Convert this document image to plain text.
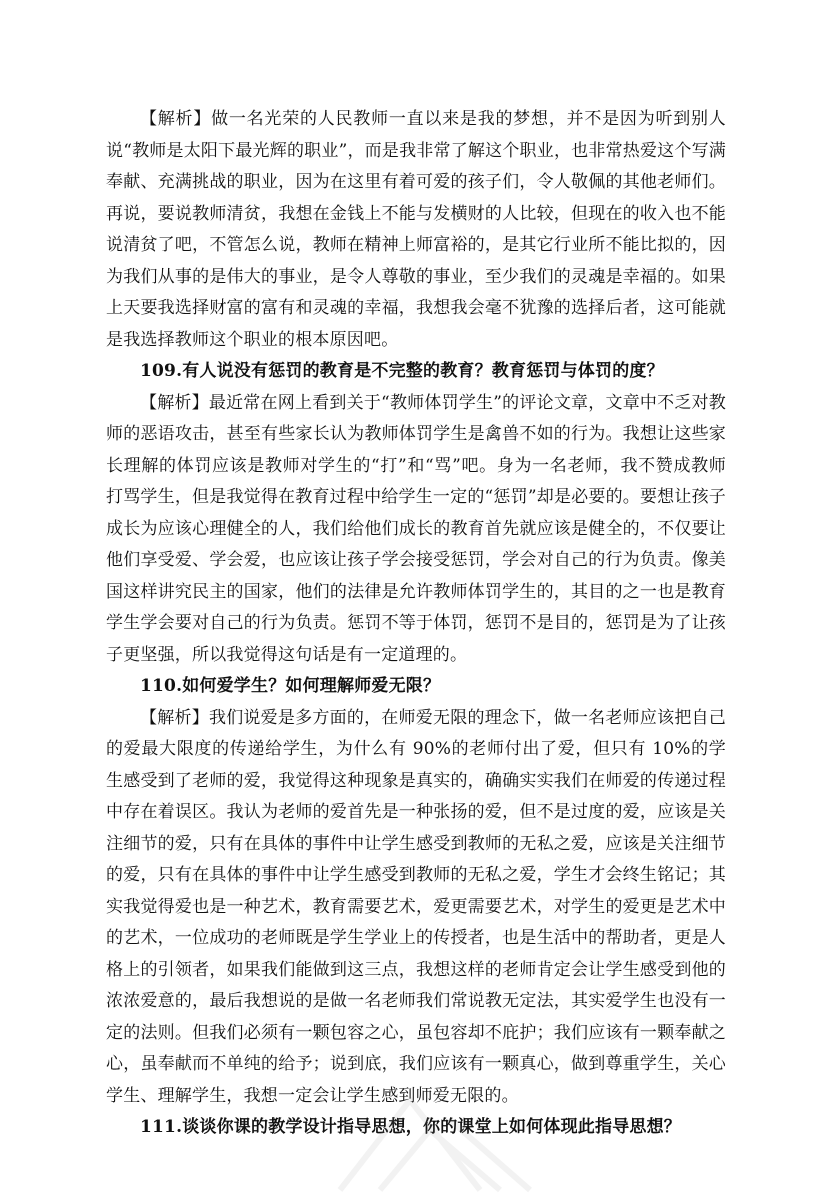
【解析】做一名光荣的人民教师一直以来是我的梦想，并不是因为听到别人说“教师是太阳下最光辉的职业”，而是我非常了解这个职业，也非常热爱这个写满奉献、充满挑战的职业，因为在这里有着可爱的孩子们，令人敬佩的其他老师们。再说，要说教师清贫，我想在金钱上不能与发横财的人比较，但现在的收入也不能说清贫了吧，不管怎么说，教师在精神上师富裕的，是其它行业所不能比拟的，因为我们从事的是伟大的事业，是令人尊敬的事业，至少我们的灵魂是幸福的。如果上天要我选择财富的富有和灵魂的幸福，我想我会毫不犹豫的选择后者，这可能就是我选择教师这个职业的根本原因吧。

109.有人说没有惩罚的教育是不完整的教育？教育惩罚与体罚的度？

【解析】最近常在网上看到关于“教师体罚学生”的评论文章，文章中不乏对教师的恶语攻击，甚至有些家长认为教师体罚学生是禽兽不如的行为。我想让这些家长理解的体罚应该是教师对学生的“打”和“骂”吧。身为一名老师，我不赞成教师打骂学生，但是我觉得在教育过程中给学生一定的“惩罚”却是必要的。要想让孩子成长为应该心理健全的人，我们给他们成长的教育首先就应该是健全的，不仅要让他们享受爱、学会爱，也应该让孩子学会接受惩罚，学会对自己的行为负责。像美国这样讲究民主的国家，他们的法律是允许教师体罚学生的，其目的之一也是教育学生学会要对自己的行为负责。惩罚不等于体罚，惩罚不是目的，惩罚是为了让孩子更坚强，所以我觉得这句话是有一定道理的。

110.如何爱学生？如何理解师爱无限？

【解析】我们说爱是多方面的，在师爱无限的理念下，做一名老师应该把自己的爱最大限度的传递给学生，为什么有 90%的老师付出了爱，但只有 10%的学生感受到了老师的爱，我觉得这种现象是真实的，确确实实我们在师爱的传递过程中存在着误区。我认为老师的爱首先是一种张扬的爱，但不是过度的爱，应该是关注细节的爱，只有在具体的事件中让学生感受到教师的无私之爱，应该是关注细节的爱，只有在具体的事件中让学生感受到教师的无私之爱，学生才会终生铭记；其实我觉得爱也是一种艺术，教育需要艺术，爱更需要艺术，对学生的爱更是艺术中的艺术，一位成功的老师既是学生学业上的传授者，也是生活中的帮助者，更是人格上的引领者，如果我们能做到这三点，我想这样的老师肯定会让学生感受到他的浓浓爱意的，最后我想说的是做一名老师我们常说教无定法，其实爱学生也没有一定的法则。但我们必须有一颗包容之心，虽包容却不庇护；我们应该有一颗奉献之心，虽奉献而不单纯的给予；说到底，我们应该有一颗真心，做到尊重学生，关心学生、理解学生，我想一定会让学生感到师爱无限的。

111.谈谈你课的教学设计指导思想，你的课堂上如何体现此指导思想？
